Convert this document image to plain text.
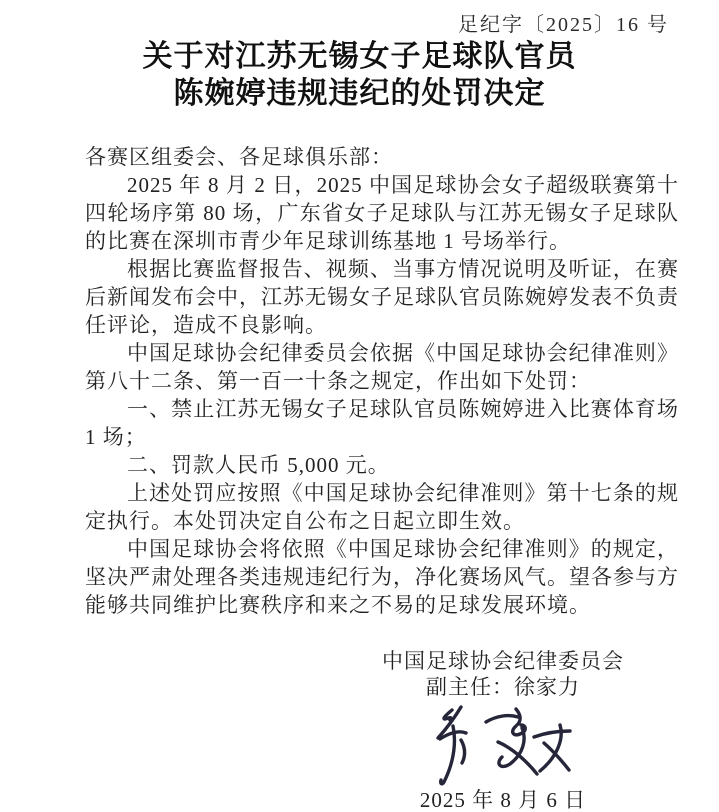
足纪字〔2025〕16 号
关于对江苏无锡女子足球队官员
陈婉婷违规违纪的处罚决定

各赛区组委会、各足球俱乐部：

2025 年 8 月 2 日，2025 中国足球协会女子超级联赛第十四轮场序第 80 场，广东省女子足球队与江苏无锡女子足球队的比赛在深圳市青少年足球训练基地 1 号场举行。

根据比赛监督报告、视频、当事方情况说明及听证，在赛后新闻发布会中，江苏无锡女子足球队官员陈婉婷发表不负责任评论，造成不良影响。

中国足球协会纪律委员会依据《中国足球协会纪律准则》第八十二条、第一百一十条之规定，作出如下处罚：

一、禁止江苏无锡女子足球队官员陈婉婷进入比赛体育场 1 场；

二、罚款人民币 5,000 元。

上述处罚应按照《中国足球协会纪律准则》第十七条的规定执行。本处罚决定自公布之日起立即生效。

中国足球协会将依照《中国足球协会纪律准则》的规定，坚决严肃处理各类违规违纪行为，净化赛场风气。望各参与方能够共同维护比赛秩序和来之不易的足球发展环境。

中国足球协会纪律委员会
副主任：徐家力
2025 年 8 月 6 日
